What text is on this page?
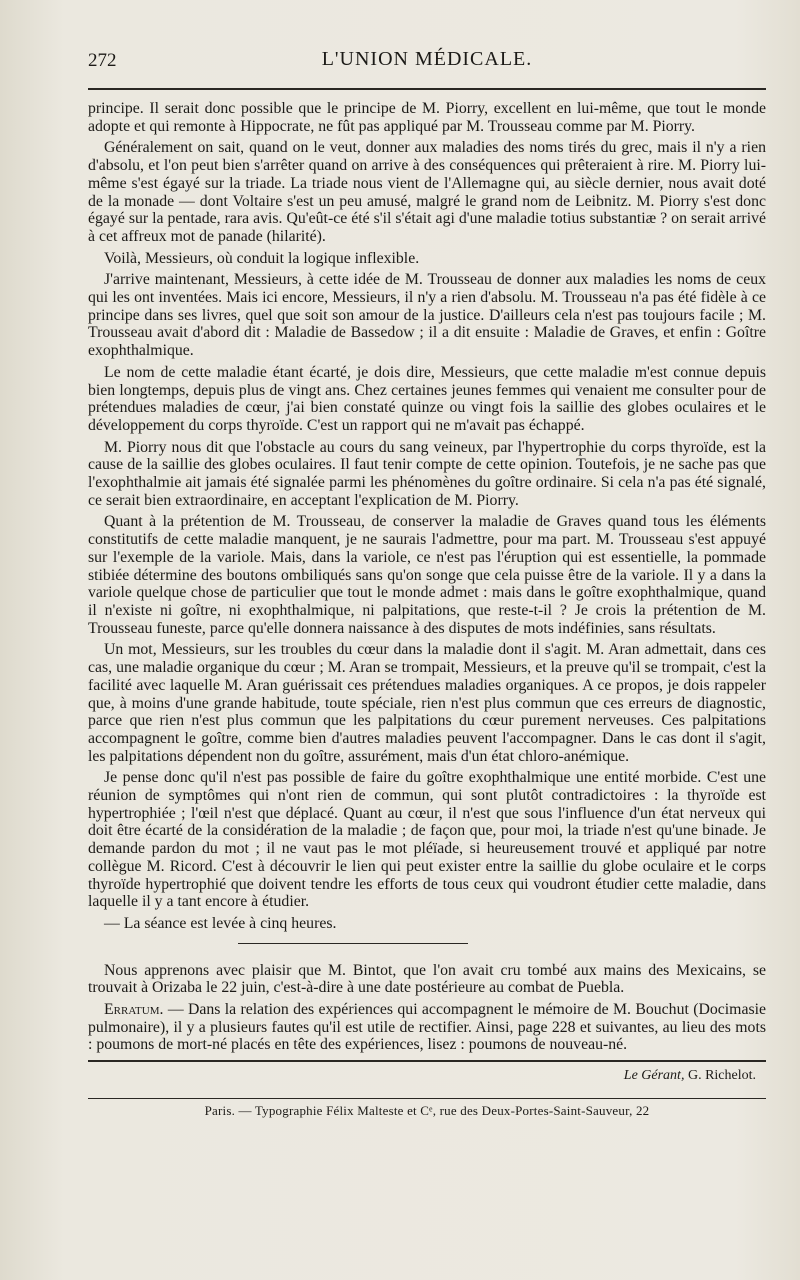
272	L'UNION MÉDICALE.

principe. Il serait donc possible que le principe de M. Piorry, excellent en lui-même, que tout le monde adopte et qui remonte à Hippocrate, ne fût pas appliqué par M. Trousseau comme par M. Piorry.

Généralement on sait, quand on le veut, donner aux maladies des noms tirés du grec, mais il n'y a rien d'absolu, et l'on peut bien s'arrêter quand on arrive à des conséquences qui prêteraient à rire. M. Piorry lui-même s'est égayé sur la triade. La triade nous vient de l'Allemagne qui, au siècle dernier, nous avait doté de la monade — dont Voltaire s'est un peu amusé, malgré le grand nom de Leibnitz. M. Piorry s'est donc égayé sur la pentade, rara avis. Qu'eût-ce été s'il s'était agi d'une maladie totius substantiæ ? on serait arrivé à cet affreux mot de panade (hilarité).

Voilà, Messieurs, où conduit la logique inflexible.

J'arrive maintenant, Messieurs, à cette idée de M. Trousseau de donner aux maladies les noms de ceux qui les ont inventées. Mais ici encore, Messieurs, il n'y a rien d'absolu. M. Trousseau n'a pas été fidèle à ce principe dans ses livres, quel que soit son amour de la justice. D'ailleurs cela n'est pas toujours facile ; M. Trousseau avait d'abord dit : Maladie de Bassedow ; il a dit ensuite : Maladie de Graves, et enfin : Goître exophthalmique.

Le nom de cette maladie étant écarté, je dois dire, Messieurs, que cette maladie m'est connue depuis bien longtemps, depuis plus de vingt ans. Chez certaines jeunes femmes qui venaient me consulter pour de prétendues maladies de cœur, j'ai bien constaté quinze ou vingt fois la saillie des globes oculaires et le développement du corps thyroïde. C'est un rapport qui ne m'avait pas échappé.

M. Piorry nous dit que l'obstacle au cours du sang veineux, par l'hypertrophie du corps thyroïde, est la cause de la saillie des globes oculaires. Il faut tenir compte de cette opinion. Toutefois, je ne sache pas que l'exophthalmie ait jamais été signalée parmi les phénomènes du goître ordinaire. Si cela n'a pas été signalé, ce serait bien extraordinaire, en acceptant l'explication de M. Piorry.

Quant à la prétention de M. Trousseau, de conserver la maladie de Graves quand tous les éléments constitutifs de cette maladie manquent, je ne saurais l'admettre, pour ma part. M. Trousseau s'est appuyé sur l'exemple de la variole. Mais, dans la variole, ce n'est pas l'éruption qui est essentielle, la pommade stibiée détermine des boutons ombiliqués sans qu'on songe que cela puisse être de la variole. Il y a dans la variole quelque chose de particulier que tout le monde admet : mais dans le goître exophthalmique, quand il n'existe ni goître, ni exophthalmique, ni palpitations, que reste-t-il ? Je crois la prétention de M. Trousseau funeste, parce qu'elle donnera naissance à des disputes de mots indéfinies, sans résultats.

Un mot, Messieurs, sur les troubles du cœur dans la maladie dont il s'agit. M. Aran admettait, dans ces cas, une maladie organique du cœur ; M. Aran se trompait, Messieurs, et la preuve qu'il se trompait, c'est la facilité avec laquelle M. Aran guérissait ces prétendues maladies organiques. A ce propos, je dois rappeler que, à moins d'une grande habitude, toute spéciale, rien n'est plus commun que ces erreurs de diagnostic, parce que rien n'est plus commun que les palpitations du cœur purement nerveuses. Ces palpitations accompagnent le goître, comme bien d'autres maladies peuvent l'accompagner. Dans le cas dont il s'agit, les palpitations dépendent non du goître, assurément, mais d'un état chloro-anémique.

Je pense donc qu'il n'est pas possible de faire du goître exophthalmique une entité morbide. C'est une réunion de symptômes qui n'ont rien de commun, qui sont plutôt contradictoires : la thyroïde est hypertrophiée ; l'œil n'est que déplacé. Quant au cœur, il n'est que sous l'influence d'un état nerveux qui doit être écarté de la considération de la maladie ; de façon que, pour moi, la triade n'est qu'une binade. Je demande pardon du mot ; il ne vaut pas le mot pléïade, si heureusement trouvé et appliqué par notre collègue M. Ricord. C'est à découvrir le lien qui peut exister entre la saillie du globe oculaire et le corps thyroïde hypertrophié que doivent tendre les efforts de tous ceux qui voudront étudier cette maladie, dans laquelle il y a tant encore à étudier.

— La séance est levée à cinq heures.

Nous apprenons avec plaisir que M. Bintot, que l'on avait cru tombé aux mains des Mexicains, se trouvait à Orizaba le 22 juin, c'est-à-dire à une date postérieure au combat de Puebla.

Erratum. — Dans la relation des expériences qui accompagnent le mémoire de M. Bouchut (Docimasie pulmonaire), il y a plusieurs fautes qu'il est utile de rectifier. Ainsi, page 228 et suivantes, au lieu des mots : poumons de mort-né placés en tête des expériences, lisez : poumons de nouveau-né.

Le Gérant, G. Richelot.
Paris. — Typographie Félix Malteste et Cᵉ, rue des Deux-Portes-Saint-Sauveur, 22
